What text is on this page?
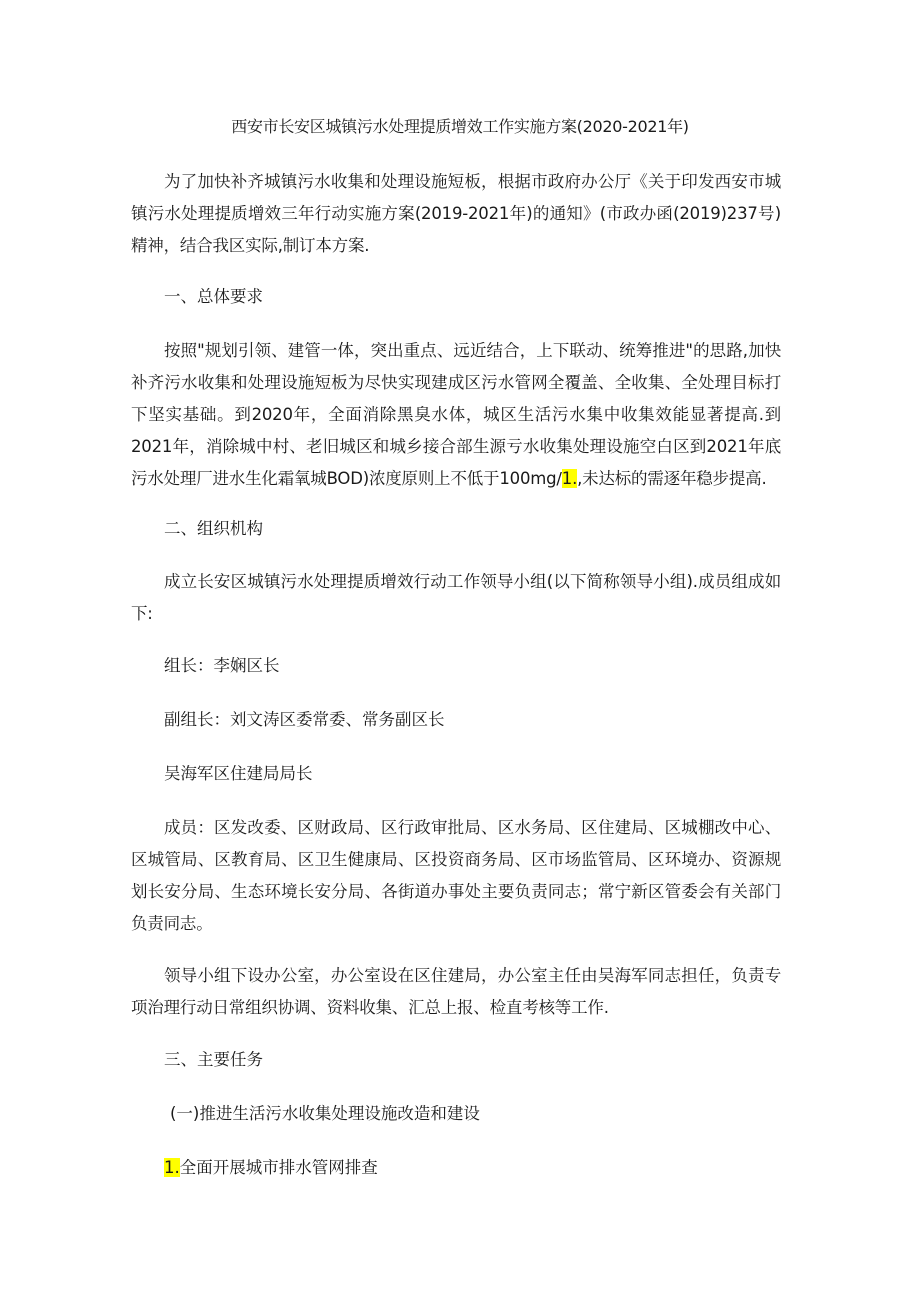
西安市长安区城镇污水处理提质增效工作实施方案(2020-2021年)

为了加快补齐城镇污水收集和处理设施短板，根据市政府办公厅《关于印发西安市城镇污水处理提质增效三年行动实施方案(2019-2021年)的通知》(市政办函(2019)237号)精神，结合我区实际,制订本方案.

一、总体要求

按照"规划引领、建管一体，突出重点、远近结合，上下联动、统筹推进"的思路,加快补齐污水收集和处理设施短板为尽快实现建成区污水管网全覆盖、全收集、全处理目标打下坚实基础。到2020年，全面消除黑臭水体，城区生活污水集中收集效能显著提高.到2021年，消除城中村、老旧城区和城乡接合部生源亏水收集处理设施空白区到2021年底污水处理厂进水生化霜氧城BOD)浓度原则上不低于100mg∕1.,未达标的需逐年稳步提高.

二、组织机构

成立长安区城镇污水处理提质增效行动工作领导小组(以下简称领导小组).成员组成如下:

组长：李娴区长

副组长：刘文涛区委常委、常务副区长

吴海军区住建局局长

成员：区发改委、区财政局、区行政审批局、区水务局、区住建局、区城棚改中心、区城管局、区教育局、区卫生健康局、区投资商务局、区市场监管局、区环境办、资源规划长安分局、生态环境长安分局、各街道办事处主要负责同志；常宁新区管委会有关部门负责同志。

领导小组下设办公室，办公室设在区住建局，办公室主任由吴海军同志担任，负责专项治理行动日常组织协调、资料收集、汇总上报、检直考核等工作.

三、主要任务

(一)推进生活污水收集处理设施改造和建设

1.全面开展城市排水管网排查
